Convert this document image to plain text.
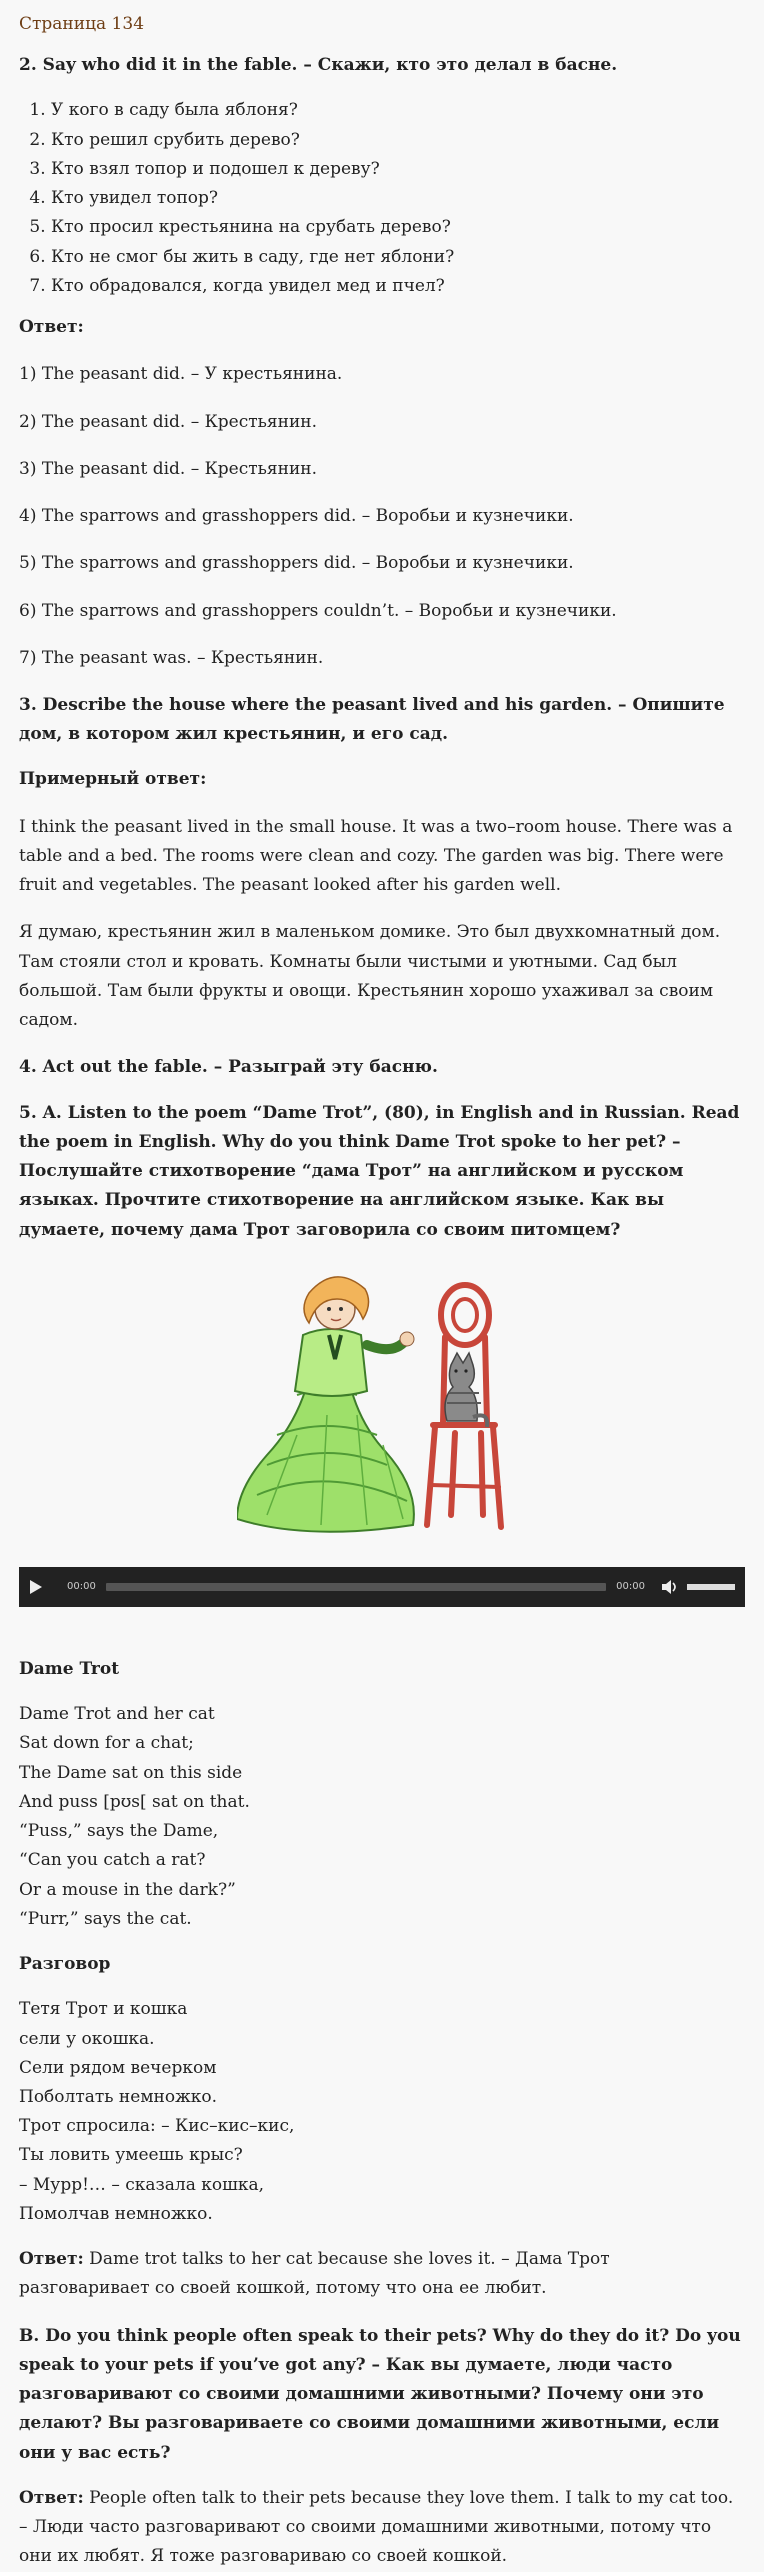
Страница 134
2. Say who did it in the fable. – Скажи, кто это делал в басне.
1. У кого в саду была яблоня?
2. Кто решил срубить дерево?
3. Кто взял топор и подошел к дереву?
4. Кто увидел топор?
5. Кто просил крестьянина на срубать дерево?
6. Кто не смог бы жить в саду, где нет яблони?
7. Кто обрадовался, когда увидел мед и пчел?

Ответ:

1) The peasant did. – У крестьянина.

2) The peasant did. – Крестьянин.

3) The peasant did. – Крестьянин.

4) The sparrows and grasshoppers did. – Воробьи и кузнечики.

5) The sparrows and grasshoppers did. – Воробьи и кузнечики.

6) The sparrows and grasshoppers couldn’t. – Воробьи и кузнечики.

7) The peasant was. – Крестьянин.

3. Describe the house where the peasant lived and his garden. – Опишите дом, в котором жил крестьянин, и его сад.

Примерный ответ:

I think the peasant lived in the small house. It was a two–room house. There was a table and a bed. The rooms were clean and cozy. The garden was big. There were fruit and vegetables. The peasant looked after his garden well.

Я думаю, крестьянин жил в маленьком домике. Это был двухкомнатный дом. Там стояли стол и кровать. Комнаты были чистыми и уютными. Сад был большой. Там были фрукты и овощи. Крестьянин хорошо ухаживал за своим садом.

4. Act out the fable. – Разыграй эту басню.
5. A. Listen to the poem “Dame Trot”, (80), in English and in Russian. Read the poem in English. Why do you think Dame Trot spoke to her pet? – Послушайте стихотворение “дама Трот” на английском и русском языках. Прочтите стихотворение на английском языке. Как вы думаете, почему дама Трот заговорила со своим питомцем?
00:00	00:00
Dame Trot
Dame Trot and her cat
Sat down for a chat;
The Dame sat on this side
And puss [pʊs[ sat on that.
“Puss,” says the Dame,
“Can you catch a rat?
Or a mouse in the dark?”
“Purr,” says the cat.
Разговор
Тетя Трот и кошка
сели у окошка.
Сели рядом вечерком
Поболтать немножко.
Трот спросила: – Кис–кис–кис,
Ты ловить умеешь крыс?
– Мурр!… – сказала кошка,
Помолчав немножко.

Ответ: Dame trot talks to her cat because she loves it. – Дама Трот разговаривает со своей кошкой, потому что она ее любит.

B. Do you think people often speak to their pets? Why do they do it? Do you speak to your pets if you’ve got any? – Как вы думаете, люди часто разговаривают со своими домашними животными? Почему они это делают? Вы разговариваете со своими домашними животными, если они у вас есть?

Ответ: People often talk to their pets because they love them. I talk to my cat too. – Люди часто разговаривают со своими домашними животными, потому что они их любят. Я тоже разговариваю со своей кошкой.
